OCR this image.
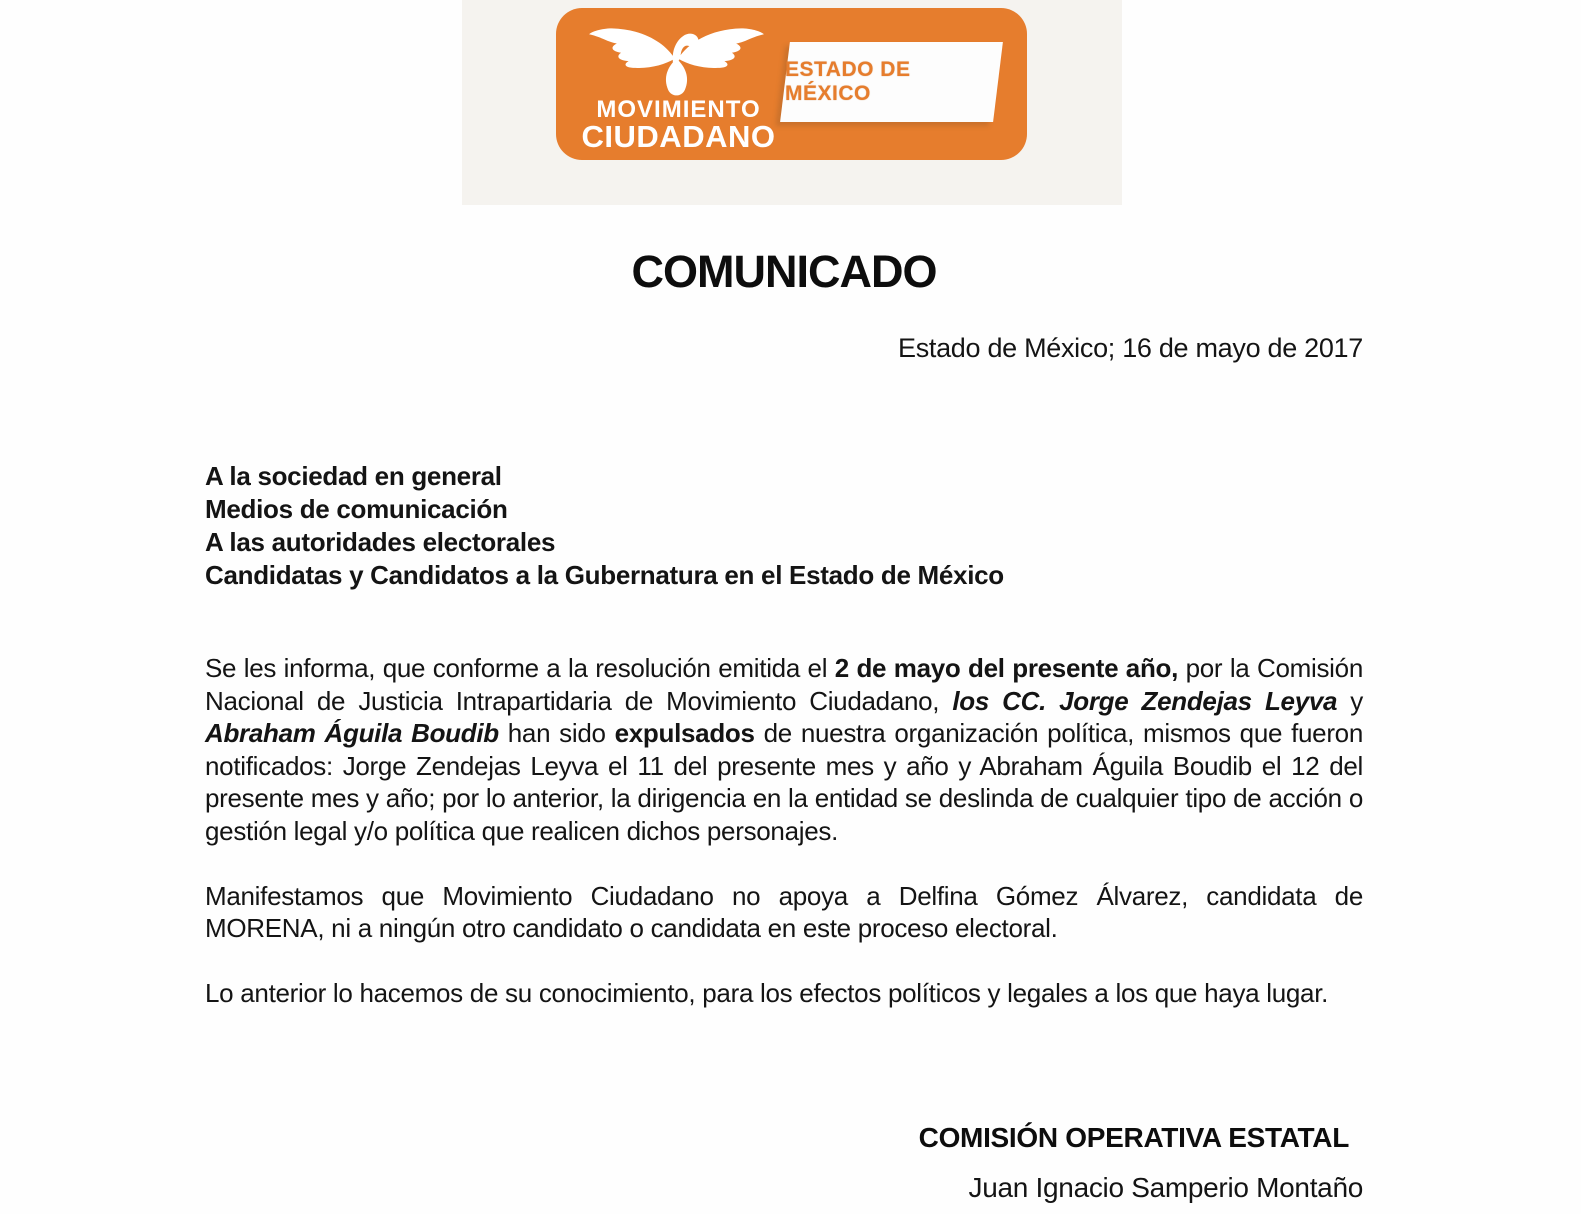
MOVIMIENTO
CIUDADANO
ESTADO DE MÉXICO
COMUNICADO
Estado de México; 16 de mayo de 2017
A la sociedad en general
Medios de comunicación
A las autoridades electorales
Candidatas y Candidatos a la Gubernatura en el Estado de México

Se les informa, que conforme a la resolución emitida el 2 de mayo del presente año, por la Comisión Nacional de Justicia Intrapartidaria de Movimiento Ciudadano, los CC. Jorge Zendejas Leyva y Abraham Águila Boudib han sido expulsados de nuestra organización política, mismos que fueron notificados: Jorge Zendejas Leyva el 11 del presente mes y año y Abraham Águila Boudib el 12 del presente mes y año; por lo anterior, la dirigencia en la entidad se deslinda de cualquier tipo de acción o gestión legal y/o política que realicen dichos personajes.

Manifestamos que Movimiento Ciudadano no apoya a Delfina Gómez Álvarez, candidata de MORENA, ni a ningún otro candidato o candidata en este proceso electoral.

Lo anterior lo hacemos de su conocimiento, para los efectos políticos y legales a los que haya lugar.

COMISIÓN OPERATIVA ESTATAL
Juan Ignacio Samperio Montaño
